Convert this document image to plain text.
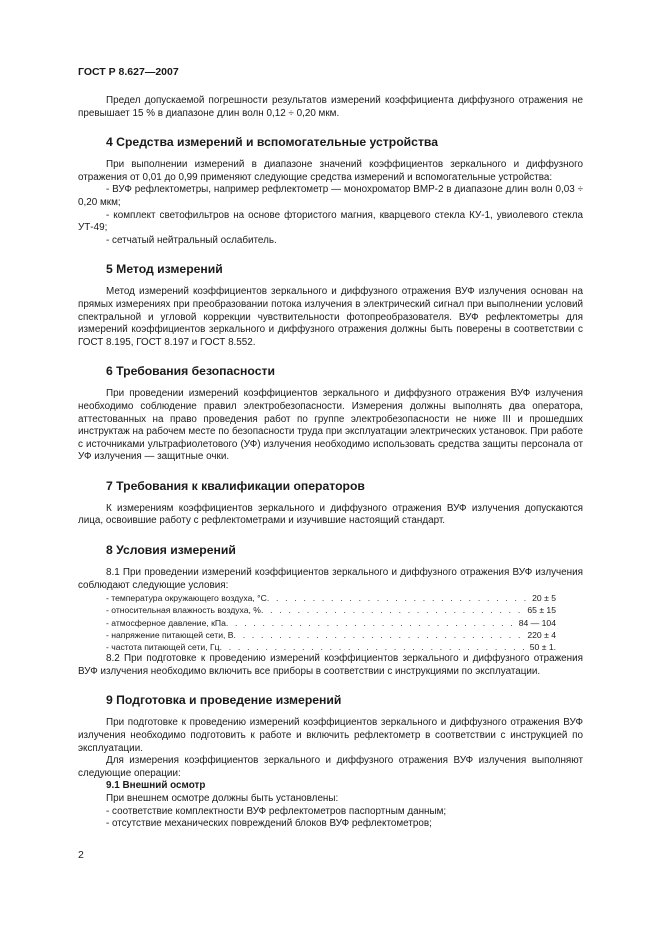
ГОСТ Р 8.627—2007

Предел допускаемой погрешности результатов измерений коэффициента диффузного отражения не превышает 15 % в диапазоне длин волн 0,12 ÷ 0,20 мкм.

4 Средства измерений и вспомогательные устройства

При выполнении измерений в диапазоне значений коэффициентов зеркального и диффузного отражения от 0,01 до 0,99 применяют следующие средства измерений и вспомогательные устройства:

- ВУФ рефлектометры, например рефлектометр — монохроматор ВМР-2 в диапазоне длин волн 0,03 ÷ 0,20 мкм;

- комплект светофильтров на основе фтористого магния, кварцевого стекла КУ-1, увиолевого стекла УТ-49;

- сетчатый нейтральный ослабитель.

5 Метод измерений

Метод измерений коэффициентов зеркального и диффузного отражения ВУФ излучения основан на прямых измерениях при преобразовании потока излучения в электрический сигнал при выполнении условий спектральной и угловой коррекции чувствительности фотопреобразователя. ВУФ рефлектометры для измерений коэффициентов зеркального и диффузного отражения должны быть поверены в соответствии с ГОСТ 8.195, ГОСТ 8.197 и ГОСТ 8.552.

6 Требования безопасности

При проведении измерений коэффициентов зеркального и диффузного отражения ВУФ излучения необходимо соблюдение правил электробезопасности. Измерения должны выполнять два оператора, аттестованных на право проведения работ по группе электробезопасности не ниже III и прошедших инструктаж на рабочем месте по безопасности труда при эксплуатации электрических установок. При работе с источниками ультрафиолетового (УФ) излучения необходимо использовать средства защиты персонала от УФ излучения — защитные очки.

7 Требования к квалификации операторов

К измерениям коэффициентов зеркального и диффузного отражения ВУФ излучения допускаются лица, освоившие работу с рефлектометрами и изучившие настоящий стандарт.

8 Условия измерений

8.1 При проведении измерений коэффициентов зеркального и диффузного отражения ВУФ излучения соблюдают следующие условия:

- температура окружающего воздуха, °С . . .	20 ± 5
- относительная влажность воздуха, % . . .	65 ± 15
- атмосферное давление, кПа . . .	84 — 104
- напряжение питающей сети, В . . .	220 ± 4
- частота питающей сети, Гц . . .	50 ± 1.

8.2 При подготовке к проведению измерений коэффициентов зеркального и диффузного отражения ВУФ излучения необходимо включить все приборы в соответствии с инструкциями по эксплуатации.

9 Подготовка и проведение измерений

При подготовке к проведению измерений коэффициентов зеркального и диффузного отражения ВУФ излучения необходимо подготовить к работе и включить рефлектометр в соответствии с инструкцией по эксплуатации.

Для измерения коэффициентов зеркального и диффузного отражения ВУФ излучения выполняют следующие операции:

9.1 Внешний осмотр

При внешнем осмотре должны быть установлены:

- соответствие комплектности ВУФ рефлектометров паспортным данным;

- отсутствие механических повреждений блоков ВУФ рефлектометров;

2
